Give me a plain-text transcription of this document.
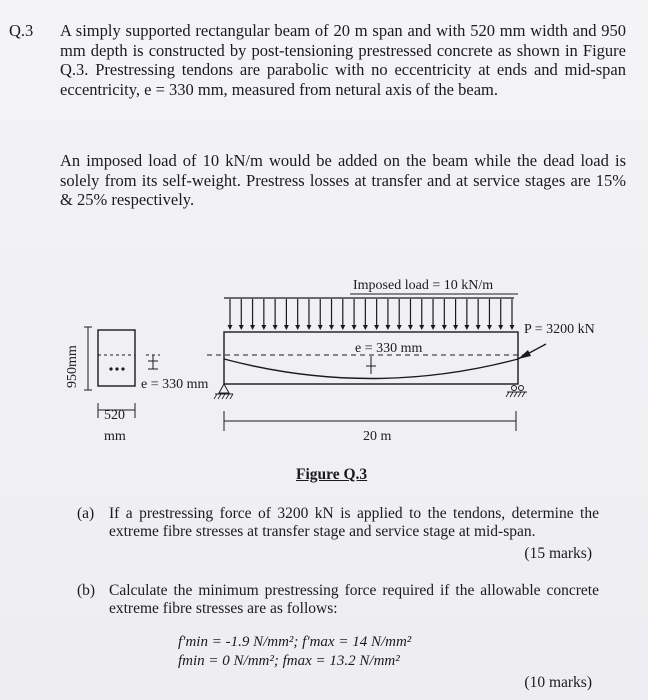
Q.3 A simply supported rectangular beam of 20 m span and with 520 mm width and 950 mm depth is constructed by post-tensioning prestressed concrete as shown in Figure Q.3. Prestressing tendons are parabolic with no eccentricity at ends and mid-span eccentricity, e = 330 mm, measured from netural axis of the beam.
An imposed load of 10 kN/m would be added on the beam while the dead load is solely from its self-weight. Prestress losses at transfer and at service stages are 15% & 25% respectively.
Imposed load = 10 kN/m
e = 330 mm
P = 3200 kN
20 m
950mm	e = 330 mm
520
mm
Figure Q.3
(a) If a prestressing force of 3200 kN is applied to the tendons, determine the extreme fibre stresses at transfer stage and service stage at mid-span.
(15 marks)
(b) Calculate the minimum prestressing force required if the allowable concrete extreme fibre stresses are as follows:
f′min = -1.9 N/mm²; f′max = 14 N/mm²
fmin = 0 N/mm²; fmax = 13.2 N/mm²
(10 marks)
